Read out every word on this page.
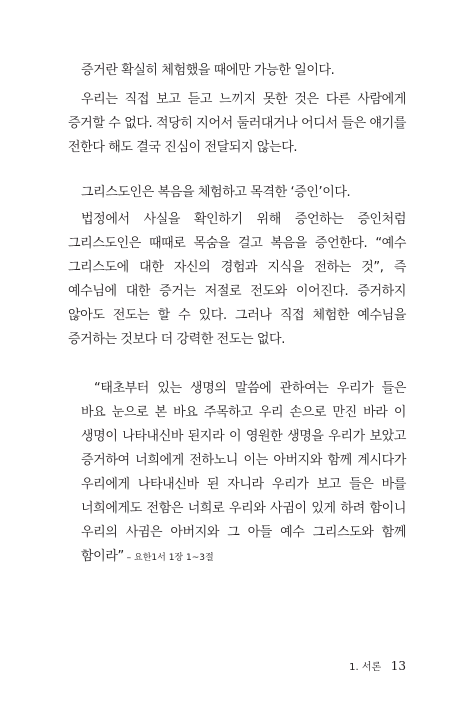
증거란 확실히 체험했을 때에만 가능한 일이다.

우리는 직접 보고 듣고 느끼지 못한 것은 다른 사람에게 증거할 수 없다. 적당히 지어서 둘러대거나 어디서 들은 얘기를 전한다 해도 결국 진심이 전달되지 않는다.

그리스도인은 복음을 체험하고 목격한 ‘증인’이다.

법정에서 사실을 확인하기 위해 증언하는 증인처럼 그리스도인은 때때로 목숨을 걸고 복음을 증언한다. “예수 그리스도에 대한 자신의 경험과 지식을 전하는 것”, 즉 예수님에 대한 증거는 저절로 전도와 이어진다. 증거하지 않아도 전도는 할 수 있다. 그러나 직접 체험한 예수님을 증거하는 것보다 더 강력한 전도는 없다.

“태초부터 있는 생명의 말씀에 관하여는 우리가 들은 바요 눈으로 본 바요 주목하고 우리 손으로 만진 바라 이 생명이 나타내신바 된지라 이 영원한 생명을 우리가 보았고 증거하여 너희에게 전하노니 이는 아버지와 함께 계시다가 우리에게 나타내신바 된 자니라 우리가 보고 들은 바를 너희에게도 전함은 너희로 우리와 사귐이 있게 하려 함이니 우리의 사귐은 아버지와 그 아들 예수 그리스도와 함께 함이라” – 요한1서 1장 1~3절

1. 서론 13
